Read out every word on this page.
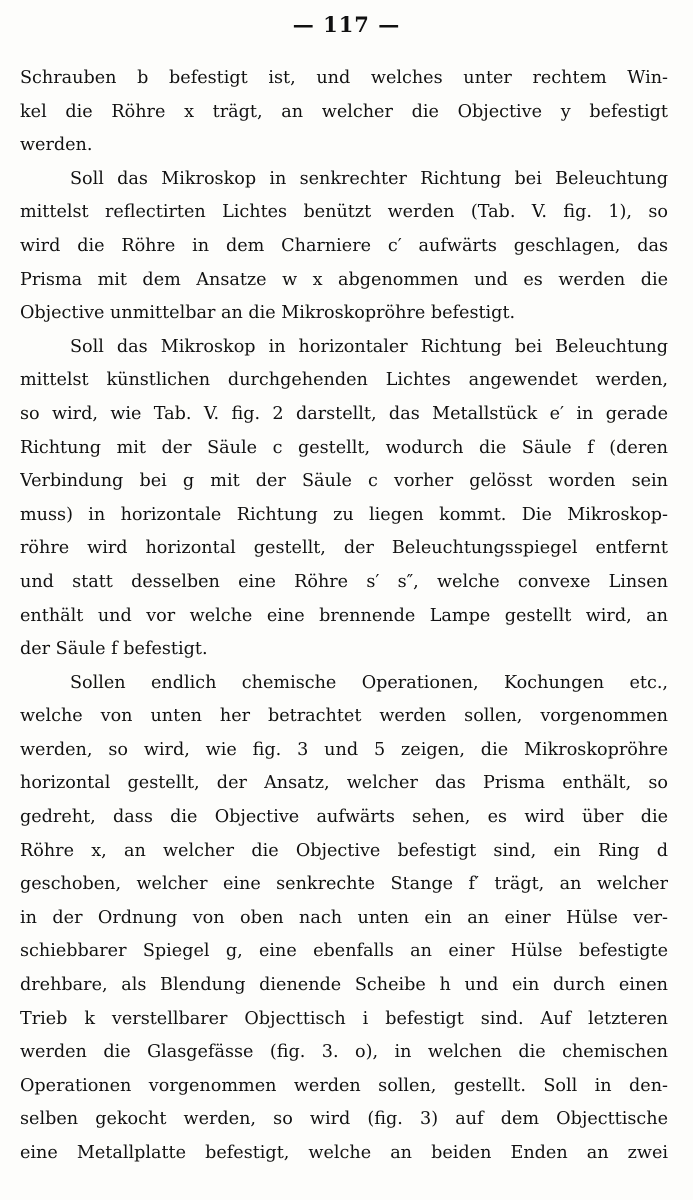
— 117 —
Schrauben b befestigt ist, und welches unter rechtem Win-
kel die Röhre x trägt, an welcher die Objective y befestigt
werden.
Soll das Mikroskop in senkrechter Richtung bei Beleuchtung
mittelst reflectirten Lichtes benützt werden (Tab. V. fig. 1), so
wird die Röhre in dem Charniere c′ aufwärts geschlagen, das
Prisma mit dem Ansatze w x abgenommen und es werden die
Objective unmittelbar an die Mikroskopröhre befestigt.
Soll das Mikroskop in horizontaler Richtung bei Beleuchtung
mittelst künstlichen durchgehenden Lichtes angewendet werden,
so wird, wie Tab. V. fig. 2 darstellt, das Metallstück e′ in gerade
Richtung mit der Säule c gestellt, wodurch die Säule f (deren
Verbindung bei g mit der Säule c vorher gelösst worden sein
muss) in horizontale Richtung zu liegen kommt. Die Mikroskop-
röhre wird horizontal gestellt, der Beleuchtungsspiegel entfernt
und statt desselben eine Röhre s′ s″, welche convexe Linsen
enthält und vor welche eine brennende Lampe gestellt wird, an
der Säule f befestigt.
Sollen endlich chemische Operationen, Kochungen etc.,
welche von unten her betrachtet werden sollen, vorgenommen
werden, so wird, wie fig. 3 und 5 zeigen, die Mikroskopröhre
horizontal gestellt, der Ansatz, welcher das Prisma enthält, so
gedreht, dass die Objective aufwärts sehen, es wird über die
Röhre x, an welcher die Objective befestigt sind, ein Ring d
geschoben, welcher eine senkrechte Stange f′ trägt, an welcher
in der Ordnung von oben nach unten ein an einer Hülse ver-
schiebbarer Spiegel g, eine ebenfalls an einer Hülse befestigte
drehbare, als Blendung dienende Scheibe h und ein durch einen
Trieb k verstellbarer Objecttisch i befestigt sind. Auf letzteren
werden die Glasgefässe (fig. 3. o), in welchen die chemischen
Operationen vorgenommen werden sollen, gestellt. Soll in den-
selben gekocht werden, so wird (fig. 3) auf dem Objecttische
eine Metallplatte befestigt, welche an beiden Enden an zwei
